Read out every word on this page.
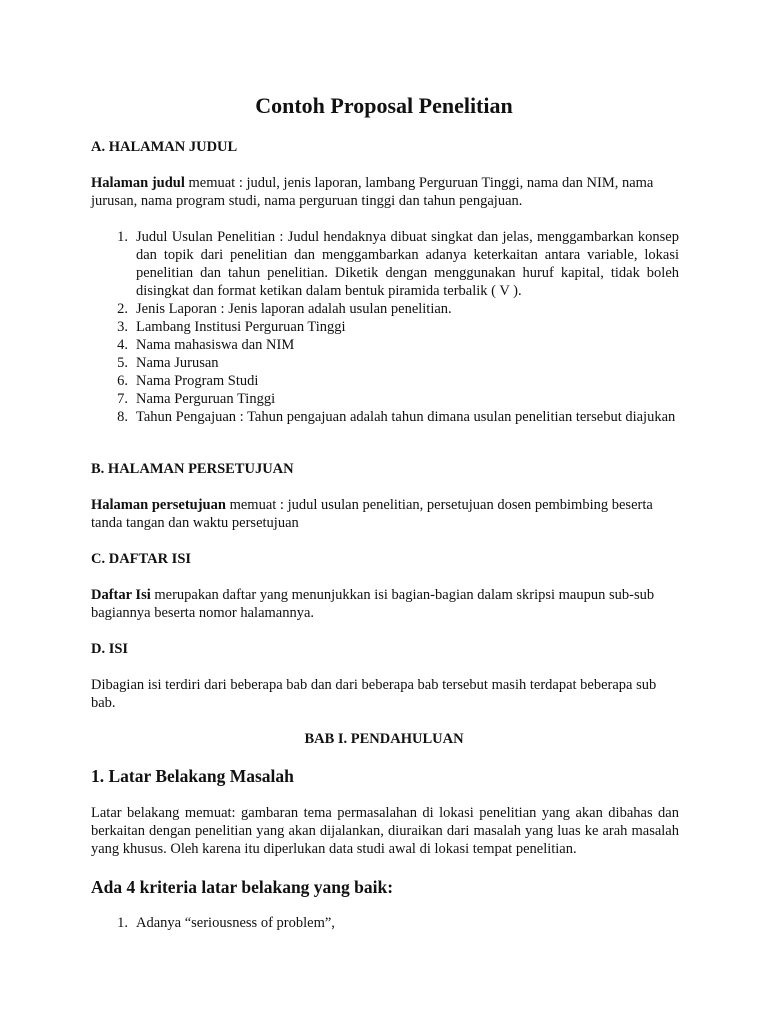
Contoh Proposal Penelitian
A. HALAMAN JUDUL
Halaman judul memuat : judul, jenis laporan, lambang Perguruan Tinggi, nama dan NIM, nama jurusan, nama program studi, nama perguruan tinggi dan tahun pengajuan.
1. Judul Usulan Penelitian : Judul hendaknya dibuat singkat dan jelas, menggambarkan konsep dan topik dari penelitian dan menggambarkan adanya keterkaitan antara variable, lokasi penelitian dan tahun penelitian. Diketik dengan menggunakan huruf kapital, tidak boleh disingkat dan format ketikan dalam bentuk piramida terbalik ( V ).
2. Jenis Laporan : Jenis laporan adalah usulan penelitian.
3. Lambang Institusi Perguruan Tinggi
4. Nama mahasiswa dan NIM
5. Nama Jurusan
6. Nama Program Studi
7. Nama Perguruan Tinggi
8. Tahun Pengajuan : Tahun pengajuan adalah tahun dimana usulan penelitian tersebut diajukan
B. HALAMAN PERSETUJUAN
Halaman persetujuan memuat : judul usulan penelitian, persetujuan dosen pembimbing beserta tanda tangan dan waktu persetujuan
C. DAFTAR ISI
Daftar Isi merupakan daftar yang menunjukkan isi bagian-bagian dalam skripsi maupun sub-sub bagiannya beserta nomor halamannya.
D. ISI
Dibagian isi terdiri dari beberapa bab dan dari beberapa bab tersebut masih terdapat beberapa sub bab.
BAB I. PENDAHULUAN
1. Latar Belakang Masalah
Latar belakang memuat: gambaran tema permasalahan di lokasi penelitian yang akan dibahas dan berkaitan dengan penelitian yang akan dijalankan, diuraikan dari masalah yang luas ke arah masalah yang khusus. Oleh karena itu diperlukan data studi awal di lokasi tempat penelitian.
Ada 4 kriteria latar belakang yang baik:
1. Adanya “seriousness of problem”,
